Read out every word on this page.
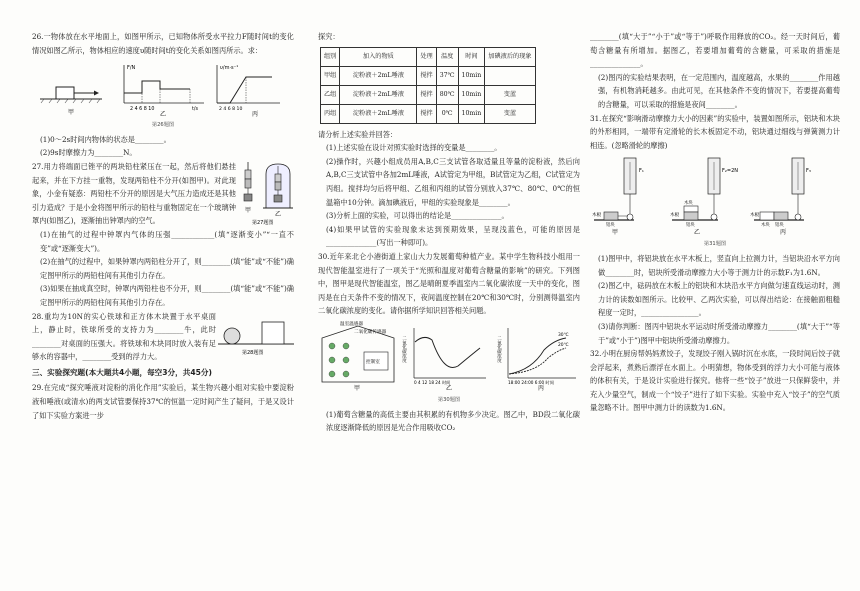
26.一物体放在水平地面上，如图甲所示，已知物体所受水平拉力F随时间t的变化情况如图乙所示，物体相应的速度υ随时间t的变化关系如图丙所示。求：

甲
F/N
2 4 6 8 10	t/s
乙
υ/m·s⁻¹
2 4 6 8 10
丙
第26题图

(1)0～2s时间内物体的状态是________。

(2)9s时摩擦力为________N。

27.用力将端面已锉平的两块铅柱紧压在一起，然后将他们悬挂起来，并在下方挂一重物，发现两铅柱不分开(如图甲)。对此现象，小金有疑惑：两铅柱不分开的原因是大气压力造成还是其他引力造成？于是小金将图甲所示的铅柱与重物固定在一个玻璃钟罩内(如图乙)，逐渐抽出钟罩内的空气。

甲
乙
第27题图

(1)在抽气的过程中钟罩内气体的压强____________(填“逐渐变小”“一直不变”或“逐渐变大”)。

(2)在抽气的过程中，如果钟罩内两铅柱分开了，则________(填“能”或“不能”)确定图甲所示的两铅柱间有其他引力存在。

(3)如果在抽成真空时，钟罩内两铅柱也不分开，则________(填“能”或“不能”)确定图甲所示的两铅柱间有其他引力存在。

28.重均为10N的实心铁球和正方体木块置于水平桌面上，静止时，铁球所受的支持力为________牛，此时________对桌面的压强大。将铁球和木块同时放入装有足够水的容器中，________受到的浮力大。	第28题图
三、实验探究题(本大题共4小题，每空3分，共45分)

29.在完成“探究唾液对淀粉的消化作用”实验后，某生物兴趣小组对实验中要淀粉液和唾液(或清水)的两支试管要保持37℃的恒温一定时间产生了疑问，于是又设计了如下实验方案进一步

探究：

组别	加入的物质	处理	温度	时间	加碘液后的现象
甲组	淀粉液＋2mL唾液	搅拌	37℃	10min	
乙组	淀粉液＋2mL唾液	搅拌	80℃	10min	变蓝
丙组	淀粉液＋2mL唾液	搅拌	0℃	10min	变蓝

请分析上述实验并回答：

(1)上述实验在设计对照实验时选择的变量是________。

(2)操作时，兴趣小组成员用A,B,C三支试管各取适量且等量的淀粉液，然后向A,B,C三支试管中各加2mL唾液，A试管定为甲组，B试管定为乙组，C试管定为丙组。搅拌均匀后将甲组、乙组和丙组的试管分别放入37℃、80℃、0℃的恒温箱中10分钟。滴加碘液后，甲组的实验现象是________。

(3)分析上面的实验，可以得出的结论是______________。

(4)如果甲试管的实验现象未达到预期效果，呈现浅蓝色，可能的原因是______________(写出一种即可)。

30.近年来北仑小港街道上家山大力发展葡萄种植产业。某中学生物科技小组用一现代智能温室进行了一项关于“光照和温度对葡萄含糖量的影响”的研究。下列图中，图甲是现代智能温室，图乙是晴朗夏季温室内二氧化碳浓度一天中的变化，图丙是在白天条件不变的情况下，夜间温度控制在20℃和30℃时，分别测得温室内二氧化碳浓度的变化。请你据所学知识回答相关问题。

温室温感器
二氧化碳传感器
控制室
甲
二氧化碳浓度
0 4 12 18 24 时间
乙
二氧化碳浓度
30℃
20℃
18:00 24:00 6:00 时间
丙
第30题图

(1)葡萄含糖量的高低主要由其积累的有机物多少决定。图乙中，BD段二氧化碳浓度逐渐降低的原因是光合作用吸收CO₂

________(填“大于”“小于”或“等于”)呼吸作用释放的CO₂。经一天时间后，葡萄含糖量有所增加。据图乙，若要增加葡萄的含糖量，可采取的措施是______________。

(2)图丙的实验结果表明，在一定范围内，温度越高，水果的________作用越强，有机物消耗越多。由此可见，在其他条件不变的情况下，若要提高葡萄的含糖量，可以采取的措施是夜间________。

31.在探究“影响滑动摩擦力大小的因素”的实验中，装置如图所示，铝块和木块的外形相同，一端带有定滑轮的长木板固定不动，铝块通过细线与弹簧测力计相连。(忽略滑轮的摩擦)

F₁
木板
铝块
甲
F₂=2N
木块
木板
铝块
乙
F₃
木板
木块 铝块
丙
第31题图

(1)图甲中，将铝块放在水平木板上，竖直向上拉测力计，当铝块沿水平方向做________时，铝块所受滑动摩擦力大小等于测力计的示数F₁为1.6N。

(2)图乙中，砝码放在木板上的铝块和木块沿水平方向做匀速直线运动时，测力计的读数如图所示。比较甲、乙两次实验，可以得出结论：在接触面粗糙程度一定时，________________。

(3)请你判断：图丙中铝块水平运动时所受滑动摩擦力________(填“大于”“等于”或“小于”)图甲中铝块所受滑动摩擦力。

32.小明在厨房帮妈妈煮饺子，发现饺子刚入锅时沉在水底，一段时间后饺子就会浮起来，煮熟后漂浮在水面上。小明猜想，物体受到的浮力大小可能与液体的体积有关，于是设计实验进行探究。他将一些“饺子”放进一只保鲜袋中，并充入少量空气，制成一个“饺子”进行了如下实验。实验中充入“饺子”的空气质量忽略不计。图甲中测力计的读数为1.6N。
